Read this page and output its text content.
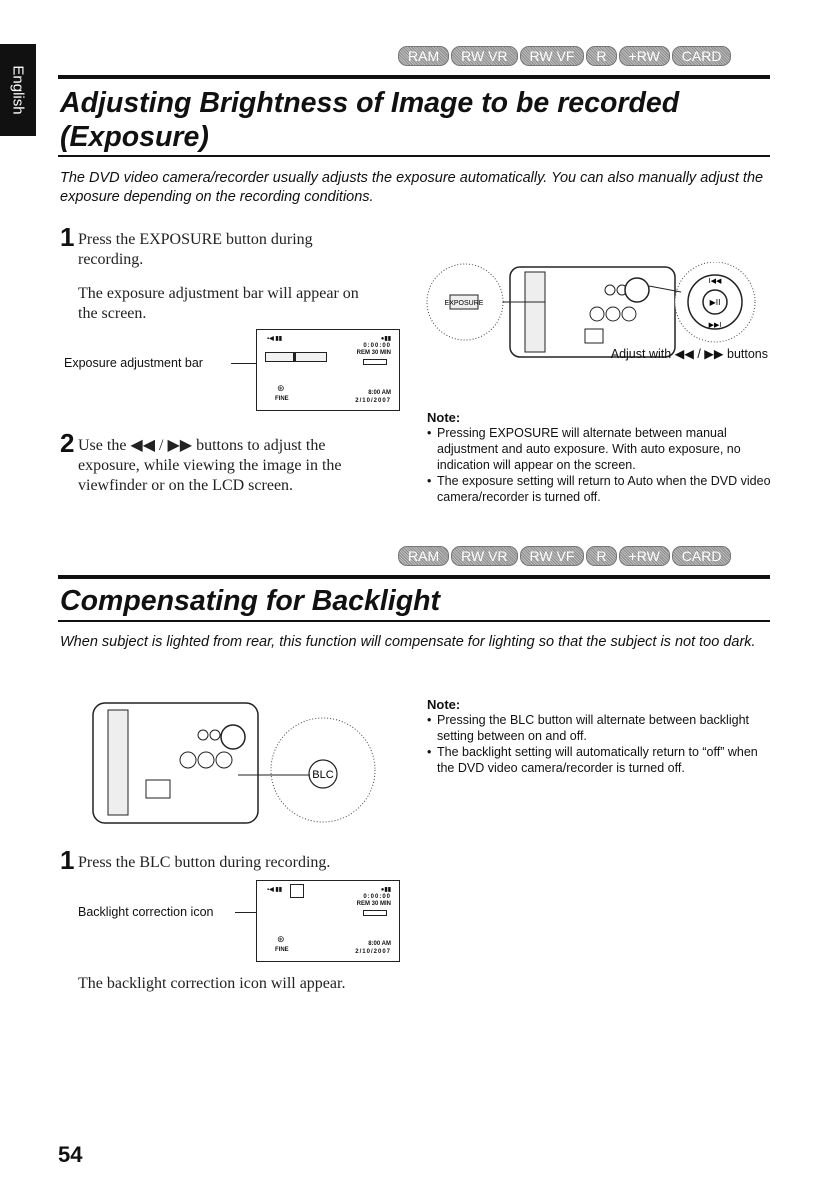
English
RAM	RW VR	RW VF	R	+RW	CARD
Adjusting Brightness of Image to be recorded
(Exposure)
The DVD video camera/recorder usually adjusts the exposure automatically. You can also manually adjust the exposure depending on the recording conditions.
1 Press the EXPOSURE button during
recording.
The exposure adjustment bar will appear on
the screen.
Exposure adjustment bar
▪◀ ▮▮	●▮▮
0:00:00
REM 30 MIN
⊛
FINE
8:00 AM
2/10/2007
2 Use the ◀◀ / ▶▶ buttons to adjust the
exposure, while viewing the image in the
viewfinder or on the LCD screen.
EXPOSURE	▶II
I◀◀
▶▶I
Adjust with ◀◀ / ▶▶ buttons
Note:
• Pressing EXPOSURE will alternate between manual adjustment and auto exposure. With auto exposure, no indication will appear on the screen.
• The exposure setting will return to Auto when the DVD video camera/recorder is turned off.
RAM	RW VR	RW VF	R	+RW	CARD
Compensating for Backlight
When subject is lighted from rear, this function will compensate for lighting so that the subject is not too dark.
BLC
Note:
• Pressing the BLC button will alternate between backlight setting between on and off.
• The backlight setting will automatically return to “off” when the DVD video camera/recorder is turned off.
1 Press the BLC button during recording.
Backlight correction icon
▪◀ ▮▮	●▮▮
0:00:00
REM 30 MIN
⊛
FINE
8:00 AM
2/10/2007
The backlight correction icon will appear.
54
